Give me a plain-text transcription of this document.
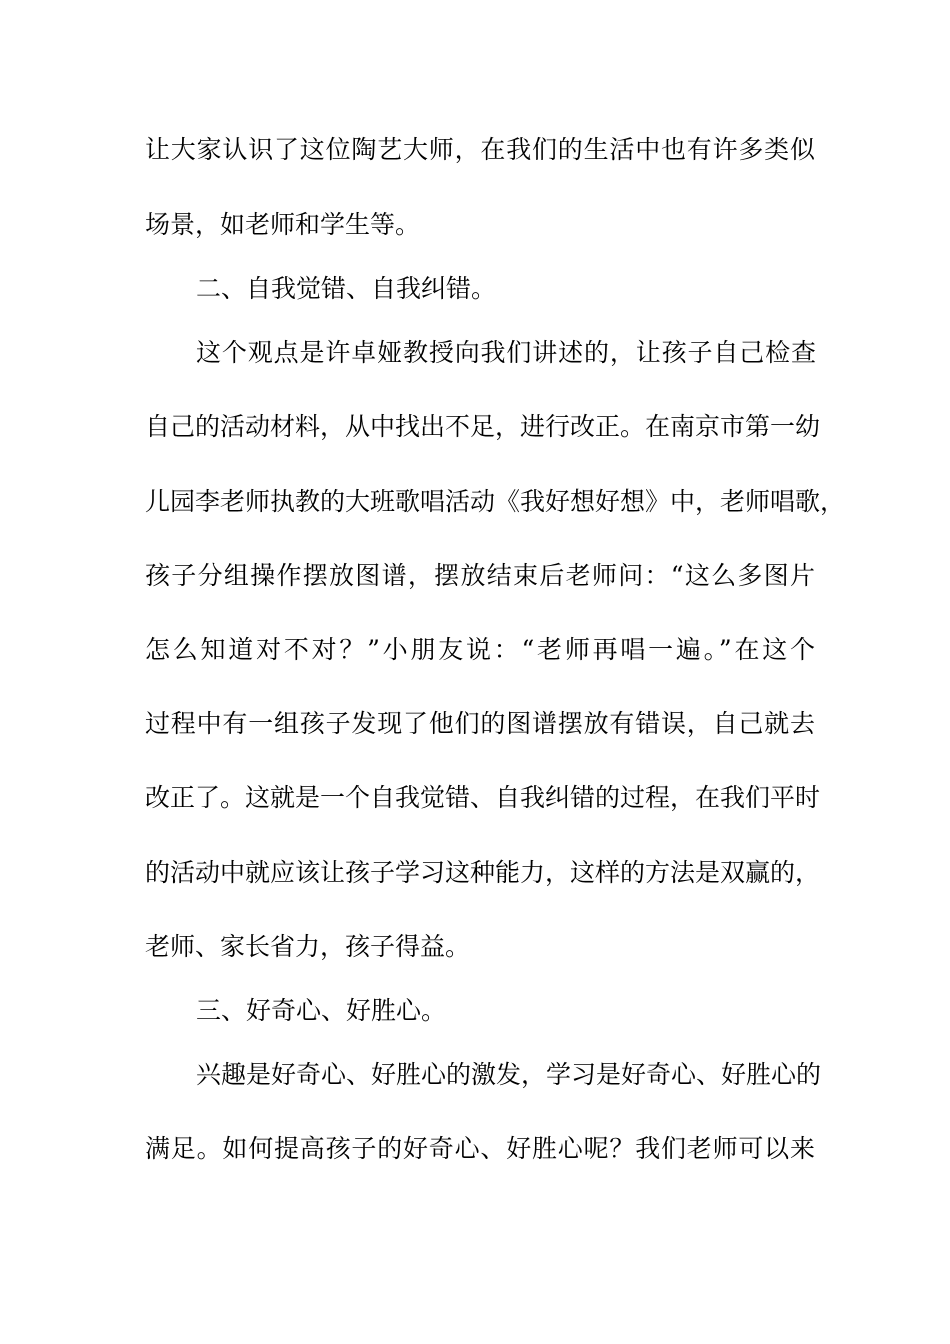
让大家认识了这位陶艺大师，在我们的生活中也有许多类似
场景，如老师和学生等。
二、自我觉错、自我纠错。
这个观点是许卓娅教授向我们讲述的，让孩子自己检查
自己的活动材料，从中找出不足，进行改正。在南京市第一幼
儿园李老师执教的大班歌唱活动《我好想好想》中，老师唱歌，
孩子分组操作摆放图谱，摆放结束后老师问：“这么多图片
怎么知道对不对？”小朋友说：“老师再唱一遍。”在这个
过程中有一组孩子发现了他们的图谱摆放有错误，自己就去
改正了。这就是一个自我觉错、自我纠错的过程，在我们平时
的活动中就应该让孩子学习这种能力，这样的方法是双赢的，
老师、家长省力，孩子得益。
三、好奇心、好胜心。
兴趣是好奇心、好胜心的激发，学习是好奇心、好胜心的
满足。如何提高孩子的好奇心、好胜心呢？我们老师可以来
